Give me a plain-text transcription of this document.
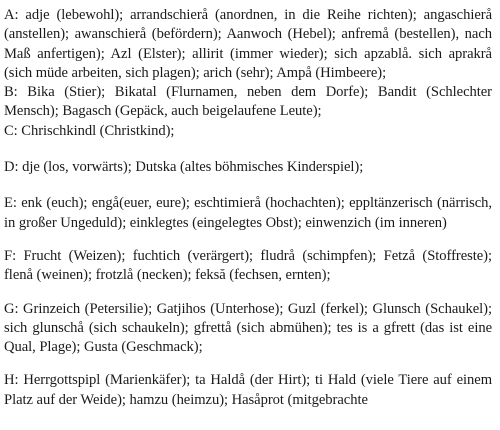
A: adje (lebewohl); arrandschierå (anordnen, in die Reihe richten); angaschierå (anstellen); awanschierå (befördern); Aanwoch (Hebel); anfremå (bestellen), nach Maß anfertigen); Azl (Elster); allirit (immer wieder); sich apzablå. sich aprakrå (sich müde arbeiten, sich plagen); arich (sehr); Ampå (Himbeere);

B: Bika (Stier); Bikatal (Flurnamen, neben dem Dorfe); Bandit (Schlechter Mensch); Bagasch (Gepäck, auch beigelaufene Leute);

C: Chrischkindl (Christkind);

D: dje (los, vorwärts); Dutska (altes böhmisches Kinderspiel);

E: enk (euch); engå(euer, eure); eschtimierå (hochachten); eppltänzerisch (närrisch, in großer Ungeduld); einklegtes (eingelegtes Obst); einwenzich (im inneren)

F: Frucht (Weizen); fuchtich (verärgert); fludrå (schimpfen); Fetzå (Stoffreste); flenå (weinen); frotzlå (necken); feksă (fechsen, ernten);

G: Grinzeich (Petersilie); Gatjihos (Unterhose); Guzl (ferkel); Glunsch (Schaukel); sich glunschå (sich schaukeln); gfrettå (sich abmühen); tes is a gfrett (das ist eine Qual, Plage); Gusta (Geschmack);

H: Herrgottspipl (Marienkäfer); ta Haldå (der Hirt); ti Hald (viele Tiere auf einem Platz auf der Weide); hamzu (heimzu); Hasåprot (mitgebrachte
